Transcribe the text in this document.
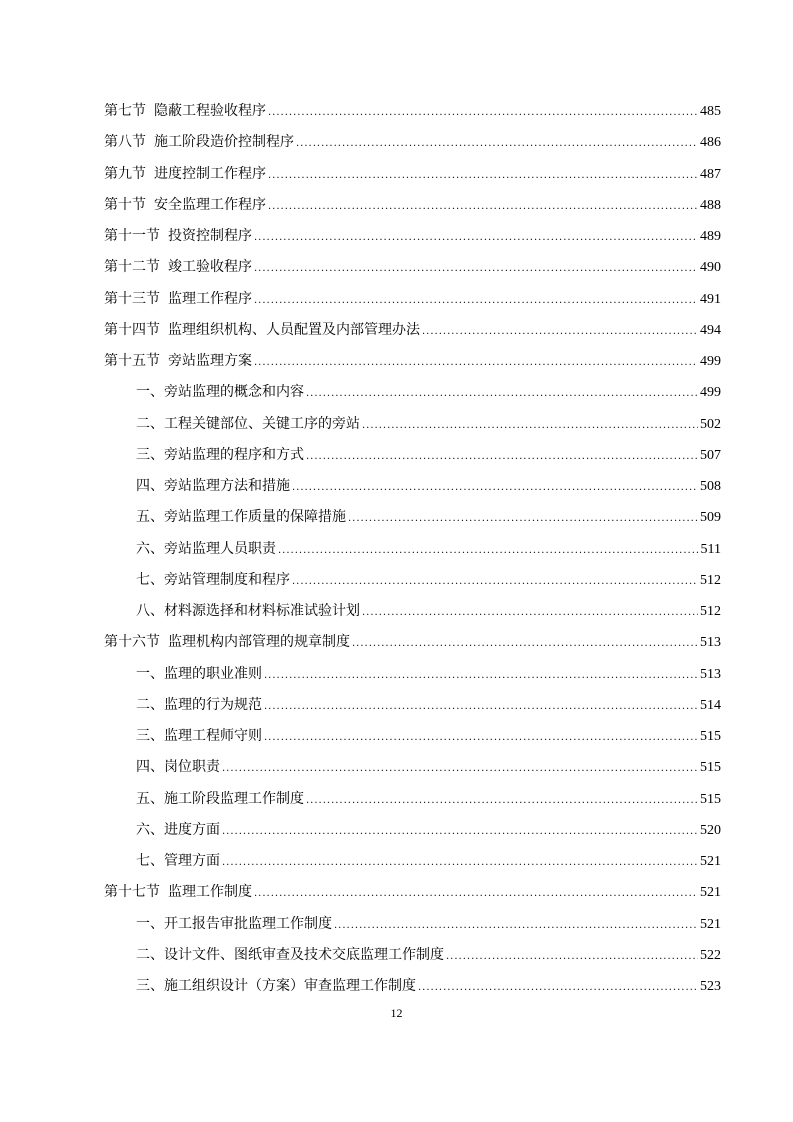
第七节 隐蔽工程验收程序 .....	485
第八节 施工阶段造价控制程序 .....	486
第九节 进度控制工作程序 .....	487
第十节 安全监理工作程序 .....	488
第十一节 投资控制程序 .....	489
第十二节 竣工验收程序 .....	490
第十三节 监理工作程序 .....	491
第十四节 监理组织机构、人员配置及内部管理办法 .....	494
第十五节 旁站监理方案 .....	499
一、旁站监理的概念和内容 .....	499
二、工程关键部位、关键工序的旁站 .....	502
三、旁站监理的程序和方式 .....	507
四、旁站监理方法和措施 .....	508
五、旁站监理工作质量的保障措施 .....	509
六、旁站监理人员职责 .....	511
七、旁站管理制度和程序 .....	512
八、材料源选择和材料标准试验计划 .....	512
第十六节 监理机构内部管理的规章制度 .....	513
一、监理的职业准则 .....	513
二、监理的行为规范 .....	514
三、监理工程师守则 .....	515
四、岗位职责 .....	515
五、施工阶段监理工作制度 .....	515
六、进度方面 .....	520
七、管理方面 .....	521
第十七节 监理工作制度 .....	521
一、开工报告审批监理工作制度 .....	521
二、设计文件、图纸审查及技术交底监理工作制度 .....	522
三、施工组织设计（方案）审查监理工作制度 .....	523
12
